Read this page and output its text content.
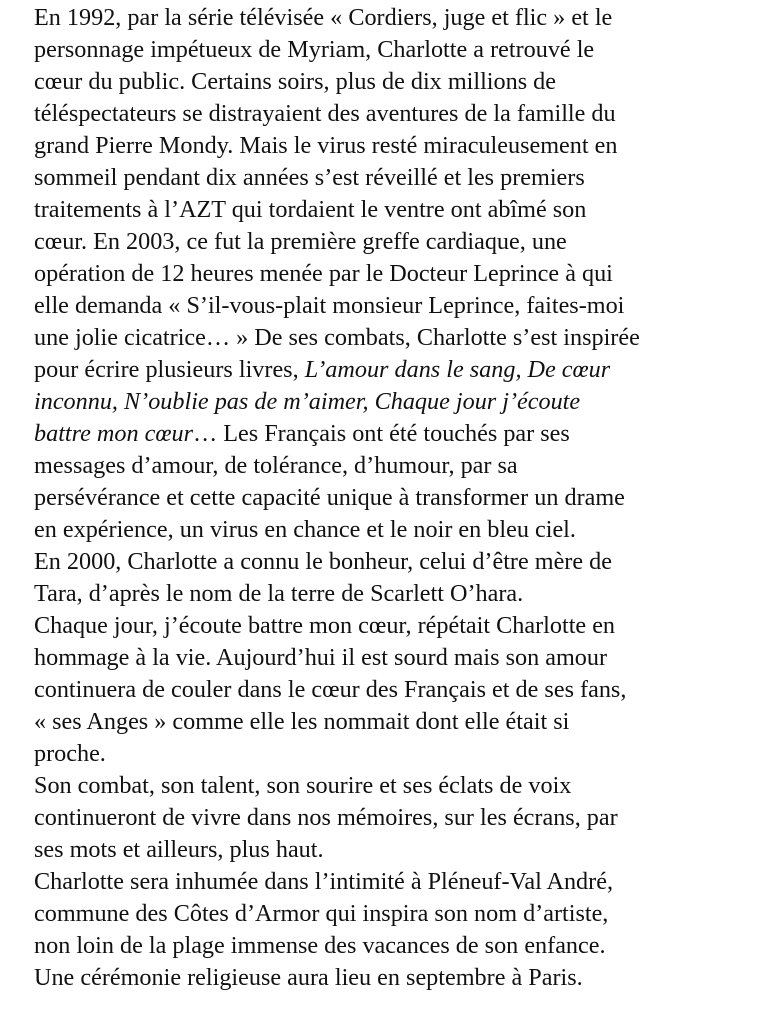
En 1992, par la série télévisée « Cordiers, juge et flic » et le
personnage impétueux de Myriam, Charlotte a retrouvé le
cœur du public. Certains soirs, plus de dix millions de
téléspectateurs se distrayaient des aventures de la famille du
grand Pierre Mondy. Mais le virus resté miraculeusement en
sommeil pendant dix années s’est réveillé et les premiers
traitements à l’AZT qui tordaient le ventre ont abîmé son
cœur. En 2003, ce fut la première greffe cardiaque, une
opération de 12 heures menée par le Docteur Leprince à qui
elle demanda « S’il-vous-plait monsieur Leprince, faites-moi
une jolie cicatrice… » De ses combats, Charlotte s’est inspirée
pour écrire plusieurs livres, L’amour dans le sang, De cœur
inconnu, N’oublie pas de m’aimer, Chaque jour j’écoute
battre mon cœur… Les Français ont été touchés par ses
messages d’amour, de tolérance, d’humour, par sa
persévérance et cette capacité unique à transformer un drame
en expérience, un virus en chance et le noir en bleu ciel.
En 2000, Charlotte a connu le bonheur, celui d’être mère de
Tara, d’après le nom de la terre de Scarlett O’hara.
Chaque jour, j’écoute battre mon cœur, répétait Charlotte en
hommage à la vie. Aujourd’hui il est sourd mais son amour
continuera de couler dans le cœur des Français et de ses fans,
« ses Anges » comme elle les nommait dont elle était si
proche.
Son combat, son talent, son sourire et ses éclats de voix
continueront de vivre dans nos mémoires, sur les écrans, par
ses mots et ailleurs, plus haut.
Charlotte sera inhumée dans l’intimité à Pléneuf-Val André,
commune des Côtes d’Armor qui inspira son nom d’artiste,
non loin de la plage immense des vacances de son enfance.
Une cérémonie religieuse aura lieu en septembre à Paris.
